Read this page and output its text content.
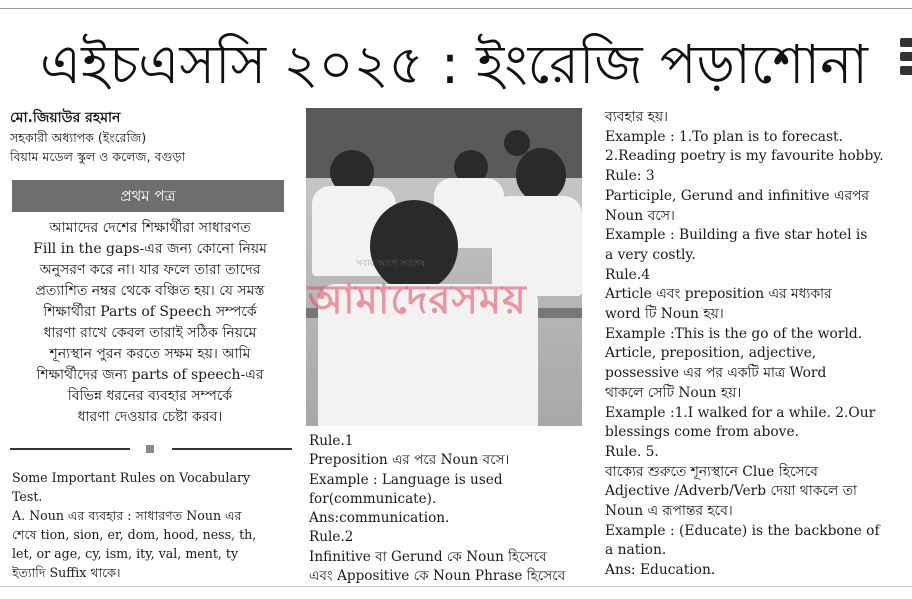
এইচএসসি ২০২৫ : ইংরেজি পড়াশোনা
মো.জিয়াউর রহমান
সহকারী অধ্যাপক (ইংরেজি)
বিয়াম মডেল স্কুল ও কলেজ, বগুড়া
প্রথম পত্র
আমাদের দেশের শিক্ষার্থীরা সাধারণত
Fill in the gaps-এর জন্য কোনো নিয়ম
অনুসরণ করে না। যার ফলে তারা তাদের
প্রত্যাশিত নম্বর থেকে বঞ্চিত হয়। যে সমস্ত
শিক্ষার্থীরা Parts of Speech সম্পর্কে
ধারণা রাখে কেবল তারাই সঠিক নিয়মে
শূন্যস্থান পুরন করতে সক্ষম হয়। আমি
শিক্ষার্থীদের জন্য parts of speech-এর
বিভিন্ন ধরনের ব্যবহার সম্পর্কে
ধারণা দেওয়ার চেষ্টা করব।
Some Important Rules on Vocabulary
Test.
A. Noun এর ব্যবহার : সাধারণত Noun এর
শেষে tion, sion, er, dom, hood, ness, th,
let, or age, cy, ism, ity, val, ment, ty
ইত্যাদি Suffix থাকে।
সবার আগে সর্বশেষ
আমাদেরসময়
Rule.1
Preposition এর পরে Noun বসে।
Example : Language is used
for(communicate).
Ans:communication.
Rule.2
Infinitive বা Gerund কে Noun হিসেবে
এবং Appositive কে Noun Phrase হিসেবে
ব্যবহার হয়।
Example : 1.To plan is to forecast.
2.Reading poetry is my favourite hobby.
Rule: 3
Participle, Gerund and infinitive এরপর
Noun বসে।
Example : Building a five star hotel is
a very costly.
Rule.4
Article এবং preposition এর মধ্যকার
word টি Noun হয়।
Example :This is the go of the world.
Article, preposition, adjective,
possessive এর পর একটি মাত্র Word
থাকলে সেটি Noun হয়।
Example :1.I walked for a while. 2.Our
blessings come from above.
Rule. 5.
বাক্যের শুরুতে শূন্যস্থানে Clue হিসেবে
Adjective /Adverb/Verb দেয়া থাকলে তা
Noun এ রূপান্তর হবে।
Example : (Educate) is the backbone of
a nation.
Ans: Education.
